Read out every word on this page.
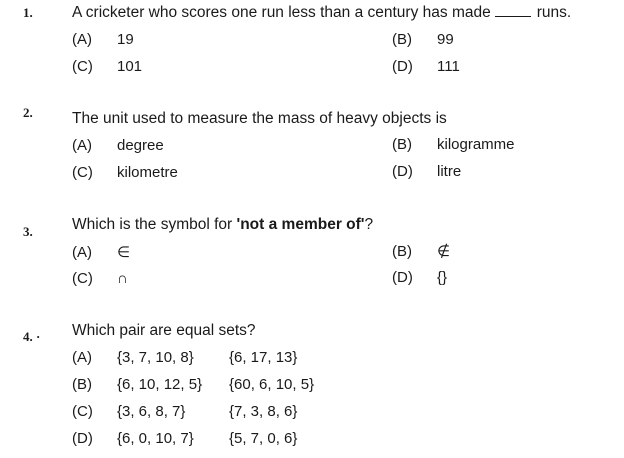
1.	A cricketer who scores one run less than a century has made	runs.
(A) 19	(B) 99
(C) 101	(D) 111
2.	The unit used to measure the mass of heavy objects is
(A) degree	(B) kilogramme
(C) kilometre	(D) litre
3.	Which is the symbol for 'not a member of'?
(A) ∈	(B) ∉
(C) ∩	(D) {}
4. · Which pair are equal sets?
(A) {3, 7, 10, 8} {6, 17, 13}
(B) {6, 10, 12, 5} {60, 6, 10, 5}
(C) {3, 6, 8, 7}	{7, 3, 8, 6}
(D) {6, 0, 10, 7} {5, 7, 0, 6}
